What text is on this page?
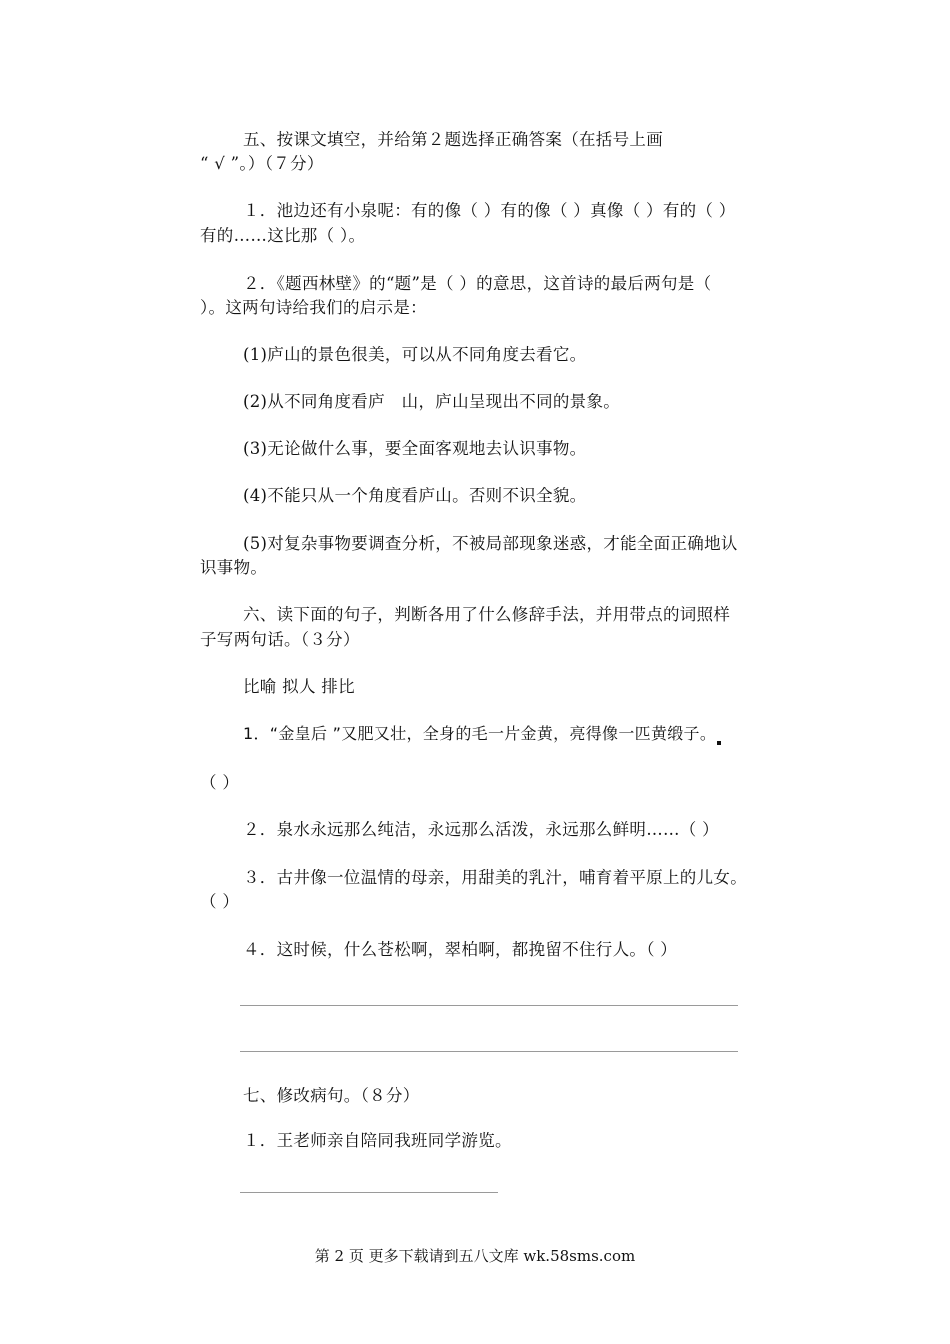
五、按课文填空，并给第２题选择正确答案（在括号上画

“ √ ”。）（７分）

１．池边还有小泉呢：有的像（ ）有的像（ ）真像（ ）有的（ ）

有的……这比那（ ）。

２．《题西林壁》的“题”是（ ）的意思，这首诗的最后两句是（

）。这两句诗给我们的启示是：

(1)庐山的景色很美，可以从不同角度去看它。

(2)从不同角度看庐　山，庐山呈现出不同的景象。

(3)无论做什么事，要全面客观地去认识事物。

(4)不能只从一个角度看庐山。否则不识全貌。

(5)对复杂事物要调查分析，不被局部现象迷惑，才能全面正确地认

识事物。

六、读下面的句子，判断各用了什么修辞手法，并用带点的词照样

子写两句话。（３分）

比喻 拟人 排比

1．“金皇后 ”又肥又壮，全身的毛一片金黄，亮得像一匹黄缎子。

（ ）

２．泉水永远那么纯洁，永远那么活泼，永远那么鲜明……（ ）

３．古井像一位温情的母亲，用甜美的乳汁，哺育着平原上的儿女。

（ ）

４．这时候，什么苍松啊，翠柏啊，都挽留不住行人。（ ）

七、修改病句。（８分）

１．王老师亲自陪同我班同学游览。

第 2 页 更多下载请到五八文库 wk.58sms.com
